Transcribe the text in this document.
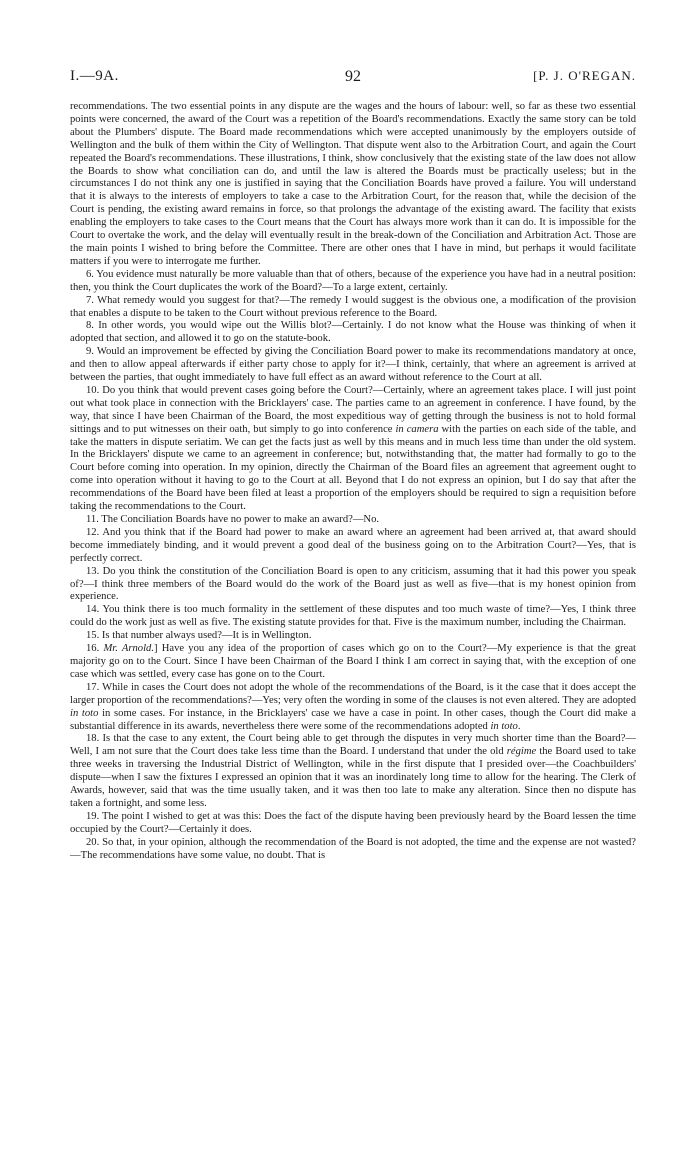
I.—9A.	92	[P. J. O'REGAN.

recommendations. The two essential points in any dispute are the wages and the hours of labour: well, so far as these two essential points were concerned, the award of the Court was a repetition of the Board's recommendations. Exactly the same story can be told about the Plumbers' dispute. The Board made recommendations which were accepted unanimously by the employers outside of Wellington and the bulk of them within the City of Wellington. That dispute went also to the Arbitration Court, and again the Court repeated the Board's recommendations. These illustrations, I think, show conclusively that the existing state of the law does not allow the Boards to show what conciliation can do, and until the law is altered the Boards must be practically useless; but in the circumstances I do not think any one is justified in saying that the Conciliation Boards have proved a failure. You will understand that it is always to the interests of employers to take a case to the Arbitration Court, for the reason that, while the decision of the Court is pending, the existing award remains in force, so that prolongs the advantage of the existing award. The facility that exists enabling the employers to take cases to the Court means that the Court has always more work than it can do. It is impossible for the Court to overtake the work, and the delay will eventually result in the break-down of the Conciliation and Arbitration Act. Those are the main points I wished to bring before the Committee. There are other ones that I have in mind, but perhaps it would facilitate matters if you were to interrogate me further.

6. You evidence must naturally be more valuable than that of others, because of the experience you have had in a neutral position: then, you think the Court duplicates the work of the Board?—To a large extent, certainly.

7. What remedy would you suggest for that?—The remedy I would suggest is the obvious one, a modification of the provision that enables a dispute to be taken to the Court without previous reference to the Board.

8. In other words, you would wipe out the Willis blot?—Certainly. I do not know what the House was thinking of when it adopted that section, and allowed it to go on the statute-book.

9. Would an improvement be effected by giving the Conciliation Board power to make its recommendations mandatory at once, and then to allow appeal afterwards if either party chose to apply for it?—I think, certainly, that where an agreement is arrived at between the parties, that ought immediately to have full effect as an award without reference to the Court at all.

10. Do you think that would prevent cases going before the Court?—Certainly, where an agreement takes place. I will just point out what took place in connection with the Bricklayers' case. The parties came to an agreement in conference. I have found, by the way, that since I have been Chairman of the Board, the most expeditious way of getting through the business is not to hold formal sittings and to put witnesses on their oath, but simply to go into conference in camera with the parties on each side of the table, and take the matters in dispute seriatim. We can get the facts just as well by this means and in much less time than under the old system. In the Bricklayers' dispute we came to an agreement in conference; but, notwithstanding that, the matter had formally to go to the Court before coming into operation. In my opinion, directly the Chairman of the Board files an agreement that agreement ought to come into operation without it having to go to the Court at all. Beyond that I do not express an opinion, but I do say that after the recommendations of the Board have been filed at least a proportion of the employers should be required to sign a requisition before taking the recommendations to the Court.

11. The Conciliation Boards have no power to make an award?—No.

12. And you think that if the Board had power to make an award where an agreement had been arrived at, that award should become immediately binding, and it would prevent a good deal of the business going on to the Arbitration Court?—Yes, that is perfectly correct.

13. Do you think the constitution of the Conciliation Board is open to any criticism, assuming that it had this power you speak of?—I think three members of the Board would do the work of the Board just as well as five—that is my honest opinion from experience.

14. You think there is too much formality in the settlement of these disputes and too much waste of time?—Yes, I think three could do the work just as well as five. The existing statute provides for that. Five is the maximum number, including the Chairman.

15. Is that number always used?—It is in Wellington.

16. Mr. Arnold.] Have you any idea of the proportion of cases which go on to the Court?—My experience is that the great majority go on to the Court. Since I have been Chairman of the Board I think I am correct in saying that, with the exception of one case which was settled, every case has gone on to the Court.

17. While in cases the Court does not adopt the whole of the recommendations of the Board, is it the case that it does accept the larger proportion of the recommendations?—Yes; very often the wording in some of the clauses is not even altered. They are adopted in toto in some cases. For instance, in the Bricklayers' case we have a case in point. In other cases, though the Court did make a substantial difference in its awards, nevertheless there were some of the recommendations adopted in toto.

18. Is that the case to any extent, the Court being able to get through the disputes in very much shorter time than the Board?—Well, I am not sure that the Court does take less time than the Board. I understand that under the old régime the Board used to take three weeks in traversing the Industrial District of Wellington, while in the first dispute that I presided over—the Coachbuilders' dispute—when I saw the fixtures I expressed an opinion that it was an inordinately long time to allow for the hearing. The Clerk of Awards, however, said that was the time usually taken, and it was then too late to make any alteration. Since then no dispute has taken a fortnight, and some less.

19. The point I wished to get at was this: Does the fact of the dispute having been previously heard by the Board lessen the time occupied by the Court?—Certainly it does.

20. So that, in your opinion, although the recommendation of the Board is not adopted, the time and the expense are not wasted?—The recommendations have some value, no doubt. That is
